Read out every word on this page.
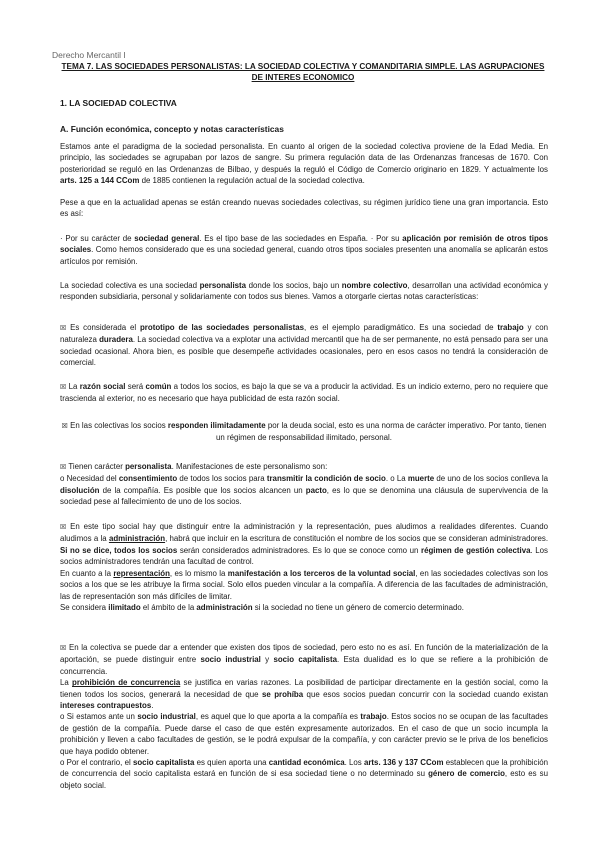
Derecho Mercantil I
TEMA 7. LAS SOCIEDADES PERSONALISTAS: LA SOCIEDAD COLECTIVA Y COMANDITARIA SIMPLE. LAS AGRUPACIONES DE INTERES ECONOMICO
1. LA SOCIEDAD COLECTIVA
A. Función económica, concepto y notas características
Estamos ante el paradigma de la sociedad personalista. En cuanto al origen de la sociedad colectiva proviene de la Edad Media. En principio, las sociedades se agrupaban por lazos de sangre. Su primera regulación data de las Ordenanzas francesas de 1670. Con posterioridad se reguló en las Ordenanzas de Bilbao, y después la reguló el Código de Comercio originario en 1829. Y actualmente los arts. 125 a 144 CCom de 1885 contienen la regulación actual de la sociedad colectiva.
Pese a que en la actualidad apenas se están creando nuevas sociedades colectivas, su régimen jurídico tiene una gran importancia. Esto es así:
· Por su carácter de sociedad general. Es el tipo base de las sociedades en España. · Por su aplicación por remisión de otros tipos sociales. Como hemos considerado que es una sociedad general, cuando otros tipos sociales presenten una anomalía se aplicarán estos artículos por remisión.
La sociedad colectiva es una sociedad personalista donde los socios, bajo un nombre colectivo, desarrollan una actividad económica y responden subsidiaria, personal y solidariamente con todos sus bienes. Vamos a otorgarle ciertas notas características:
☒ Es considerada el prototipo de las sociedades personalistas, es el ejemplo paradigmático. Es una sociedad de trabajo y con naturaleza duradera. La sociedad colectiva va a explotar una actividad mercantil que ha de ser permanente, no está pensado para ser una sociedad ocasional. Ahora bien, es posible que desempeñe actividades ocasionales, pero en esos casos no tendrá la consideración de comercial.
☒ La razón social será común a todos los socios, es bajo la que se va a producir la actividad. Es un indicio externo, pero no requiere que trascienda al exterior, no es necesario que haya publicidad de esta razón social.
☒ En las colectivas los socios responden ilimitadamente por la deuda social, esto es una norma de carácter imperativo. Por tanto, tienen un régimen de responsabilidad ilimitado, personal.
☒ Tienen carácter personalista. Manifestaciones de este personalismo son:
o Necesidad del consentimiento de todos los socios para transmitir la condición de socio. o La muerte de uno de los socios conlleva la disolución de la compañía. Es posible que los socios alcancen un pacto, es lo que se denomina una cláusula de supervivencia de la sociedad pese al fallecimiento de uno de los socios.
☒ En este tipo social hay que distinguir entre la administración y la representación, pues aludimos a realidades diferentes. Cuando aludimos a la administración, habrá que incluir en la escritura de constitución el nombre de los socios que se consideran administradores. Si no se dice, todos los socios serán considerados administradores. Es lo que se conoce como un régimen de gestión colectiva. Los socios administradores tendrán una facultad de control.
En cuanto a la representación, es lo mismo la manifestación a los terceros de la voluntad social, en las sociedades colectivas son los socios a los que se les atribuye la firma social. Solo ellos pueden vincular a la compañía. A diferencia de las facultades de administración, las de representación son más difíciles de limitar.
Se considera ilimitado el ámbito de la administración si la sociedad no tiene un género de comercio determinado.
☒ En la colectiva se puede dar a entender que existen dos tipos de sociedad, pero esto no es así. En función de la materialización de la aportación, se puede distinguir entre socio industrial y socio capitalista. Esta dualidad es lo que se refiere a la prohibición de concurrencia.
La prohibición de concurrencia se justifica en varias razones. La posibilidad de participar directamente en la gestión social, como la tienen todos los socios, generará la necesidad de que se prohíba que esos socios puedan concurrir con la sociedad cuando existan intereses contrapuestos.
o Si estamos ante un socio industrial, es aquel que lo que aporta a la compañía es trabajo. Estos socios no se ocupan de las facultades de gestión de la compañía. Puede darse el caso de que estén expresamente autorizados. En el caso de que un socio incumpla la prohibición y lleven a cabo facultades de gestión, se le podrá expulsar de la compañía, y con carácter previo se le priva de los beneficios que haya podido obtener.
o Por el contrario, el socio capitalista es quien aporta una cantidad económica. Los arts. 136 y 137 CCom establecen que la prohibición de concurrencia del socio capitalista estará en función de si esa sociedad tiene o no determinado su género de comercio, esto es su objeto social.
